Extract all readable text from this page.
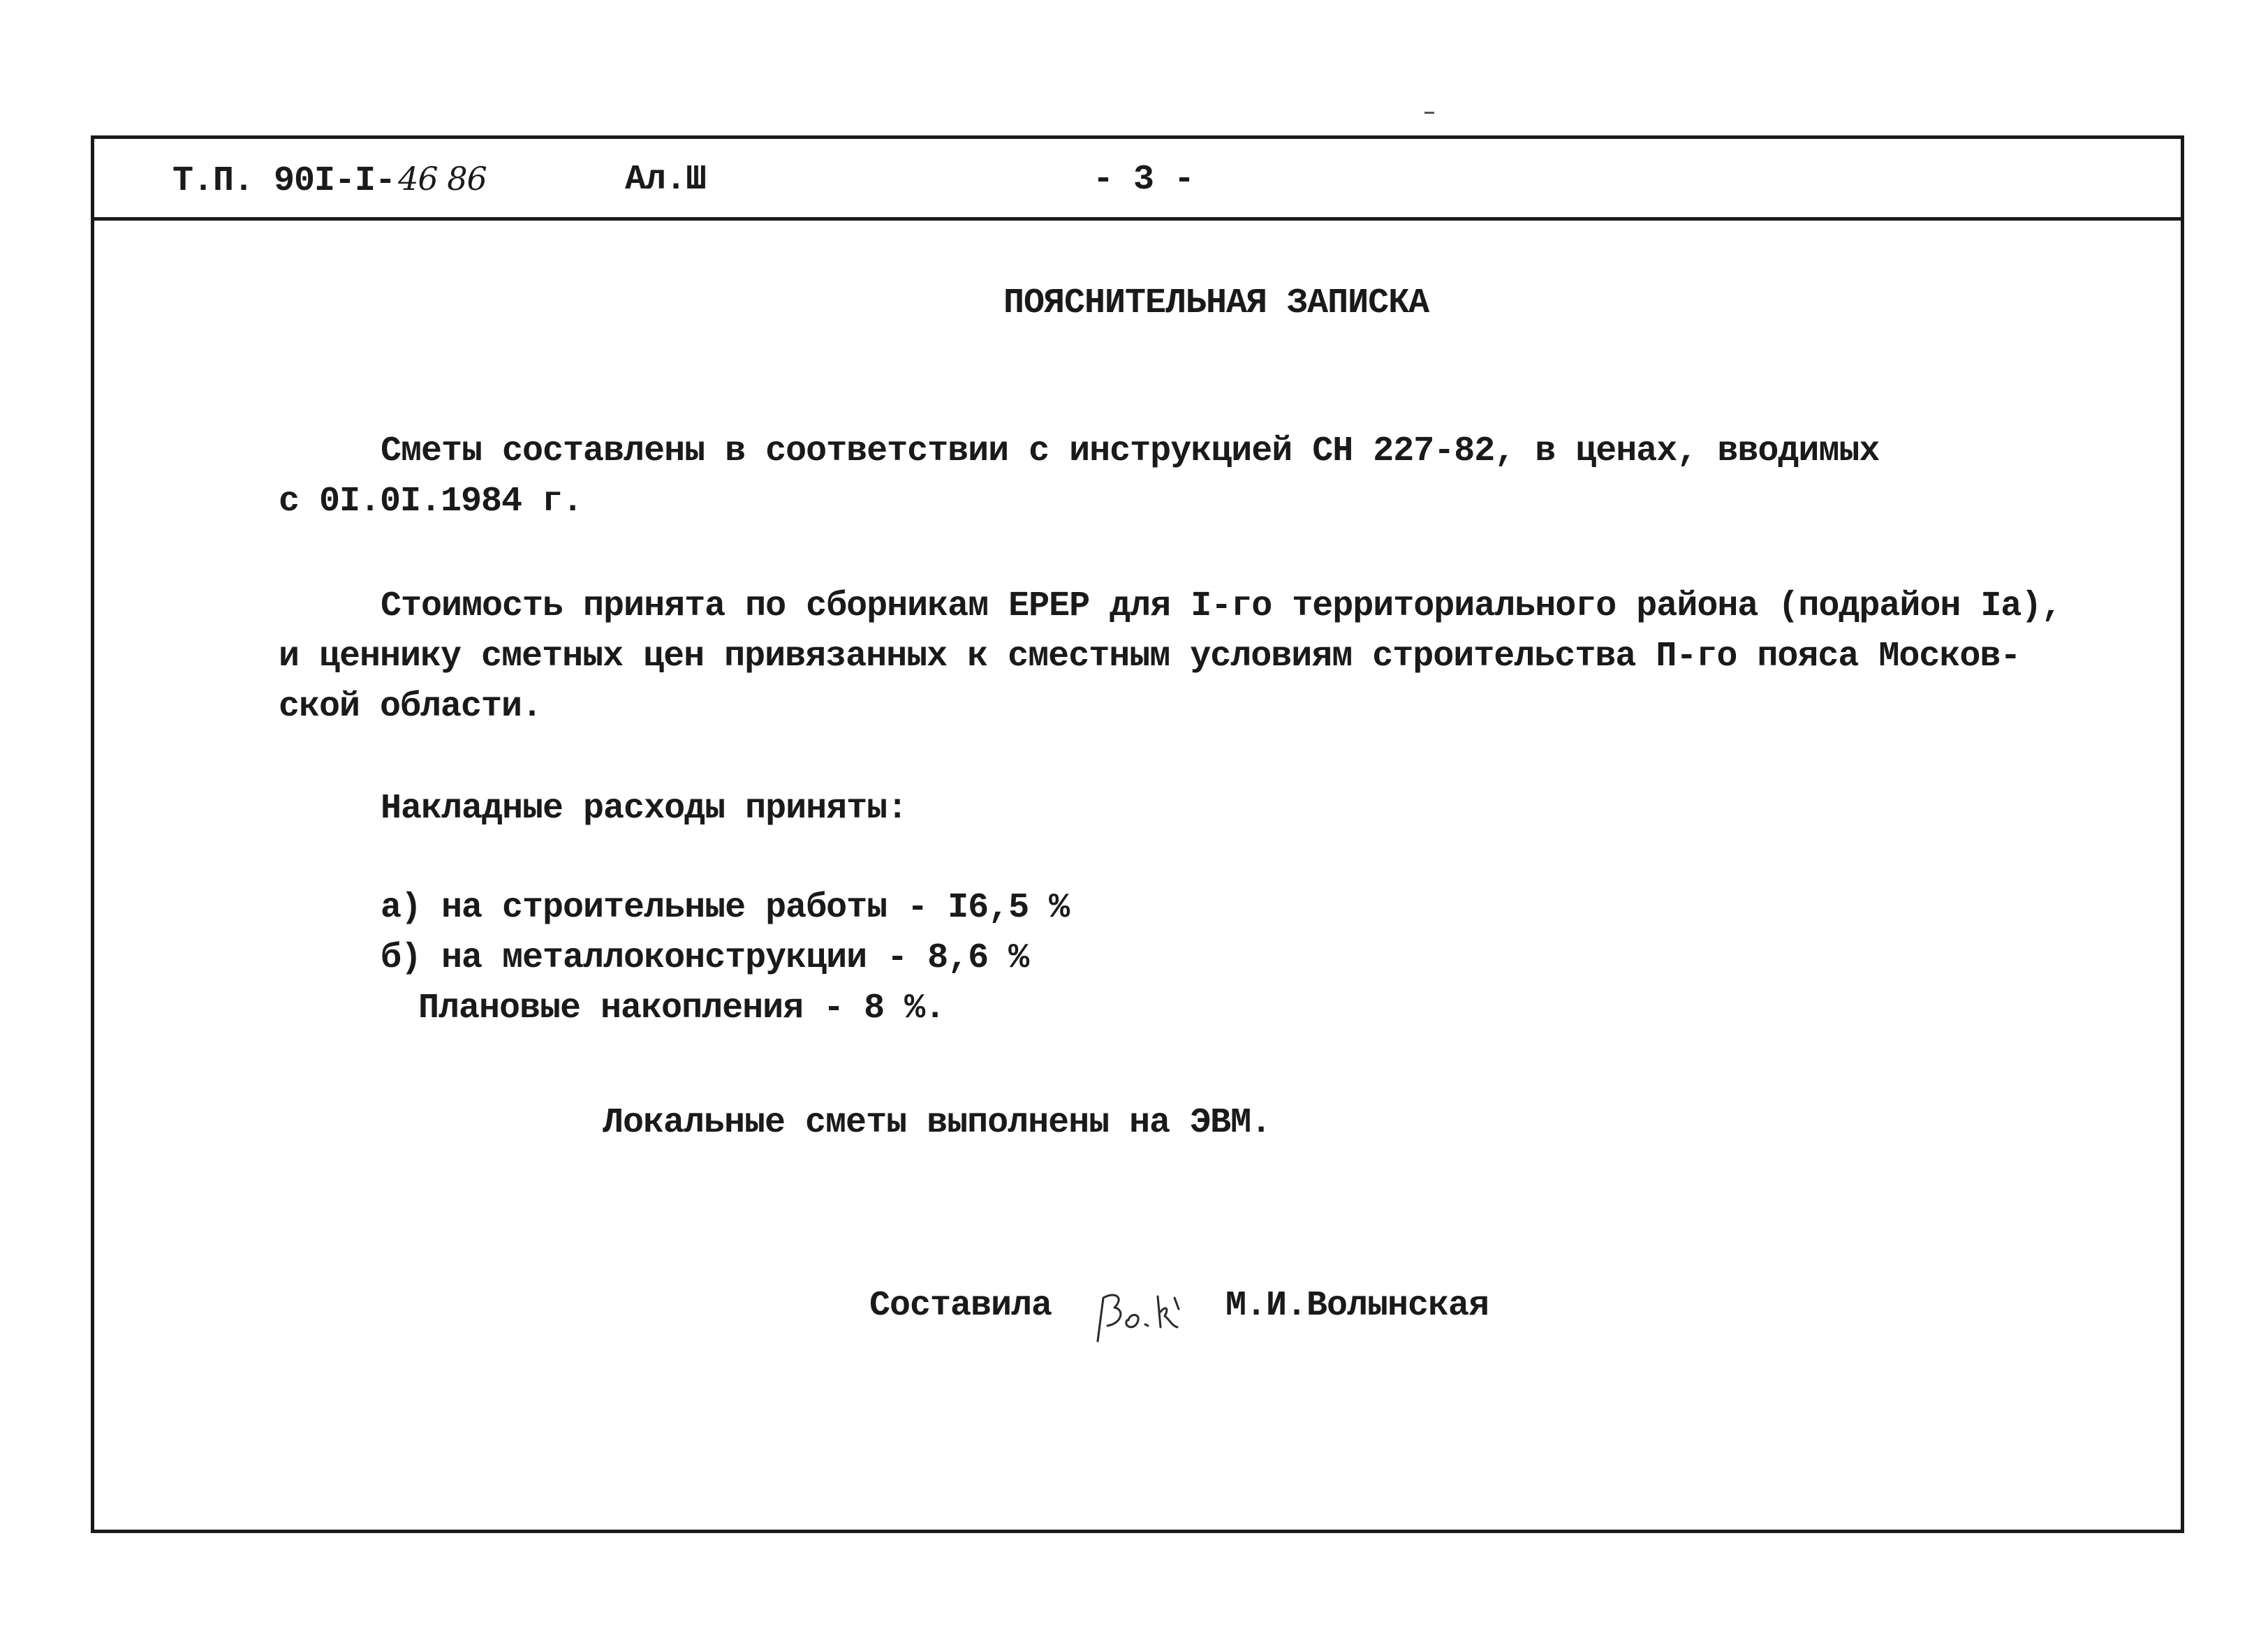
Т.П. 90I-I-46 86	Ал.Ш	- 3 -
ПОЯСНИТЕЛЬНАЯ ЗАПИСКА
Сметы составлены в соответствии с инструкцией СН 227-82, в ценах, вводимых
с 0I.0I.1984 г.
Стоимость принята по сборникам ЕРЕР для I-го территориального района (подрайон Iа),
и ценнику сметных цен привязанных к сместным условиям строительства П-го пояса Москов-
ской области.
Накладные расходы приняты:
а) на строительные работы - I6,5 %
б) на металлоконструкции - 8,6 %
Плановые накопления - 8 %.
Локальные сметы выполнены на ЭВМ.
Составила	М.И.Волынская
